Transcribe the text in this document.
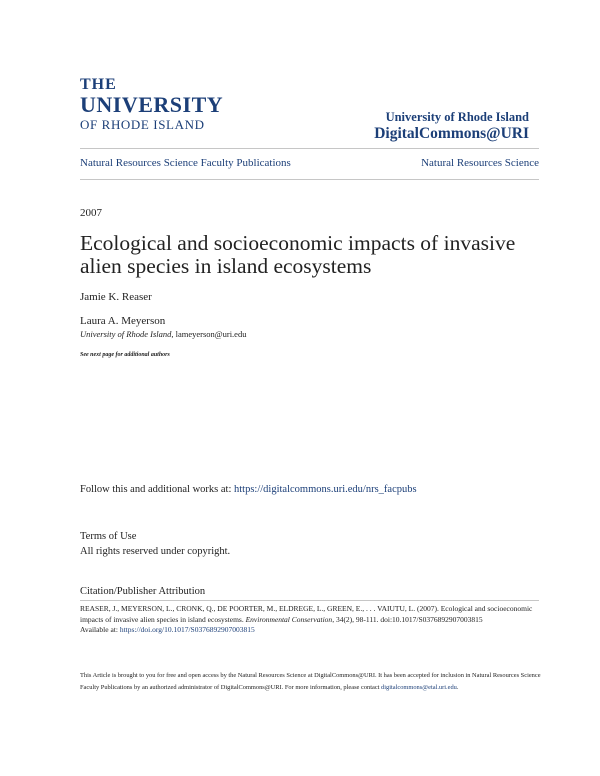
THE
UNIVERSITY
OF RHODE ISLAND	University of Rhode Island
DigitalCommons@URI
Natural Resources Science Faculty Publications	Natural Resources Science
2007
Ecological and socioeconomic impacts of invasive alien species in island ecosystems
Jamie K. Reaser
Laura A. Meyerson
University of Rhode Island, lameyerson@uri.edu
See next page for additional authors
Follow this and additional works at: https://digitalcommons.uri.edu/nrs_facpubs
Terms of Use
All rights reserved under copyright.
Citation/Publisher Attribution
REASER, J., MEYERSON, L., CRONK, Q., DE POORTER, M., ELDREGE, L., GREEN, E., . . . VAIUTU, L. (2007). Ecological and socioeconomic impacts of invasive alien species in island ecosystems. Environmental Conservation, 34(2), 98-111. doi:10.1017/S0376892907003815
Available at: https://doi.org/10.1017/S0376892907003815
This Article is brought to you for free and open access by the Natural Resources Science at DigitalCommons@URI. It has been accepted for inclusion in Natural Resources Science Faculty Publications by an authorized administrator of DigitalCommons@URI. For more information, please contact digitalcommons@etal.uri.edu.
